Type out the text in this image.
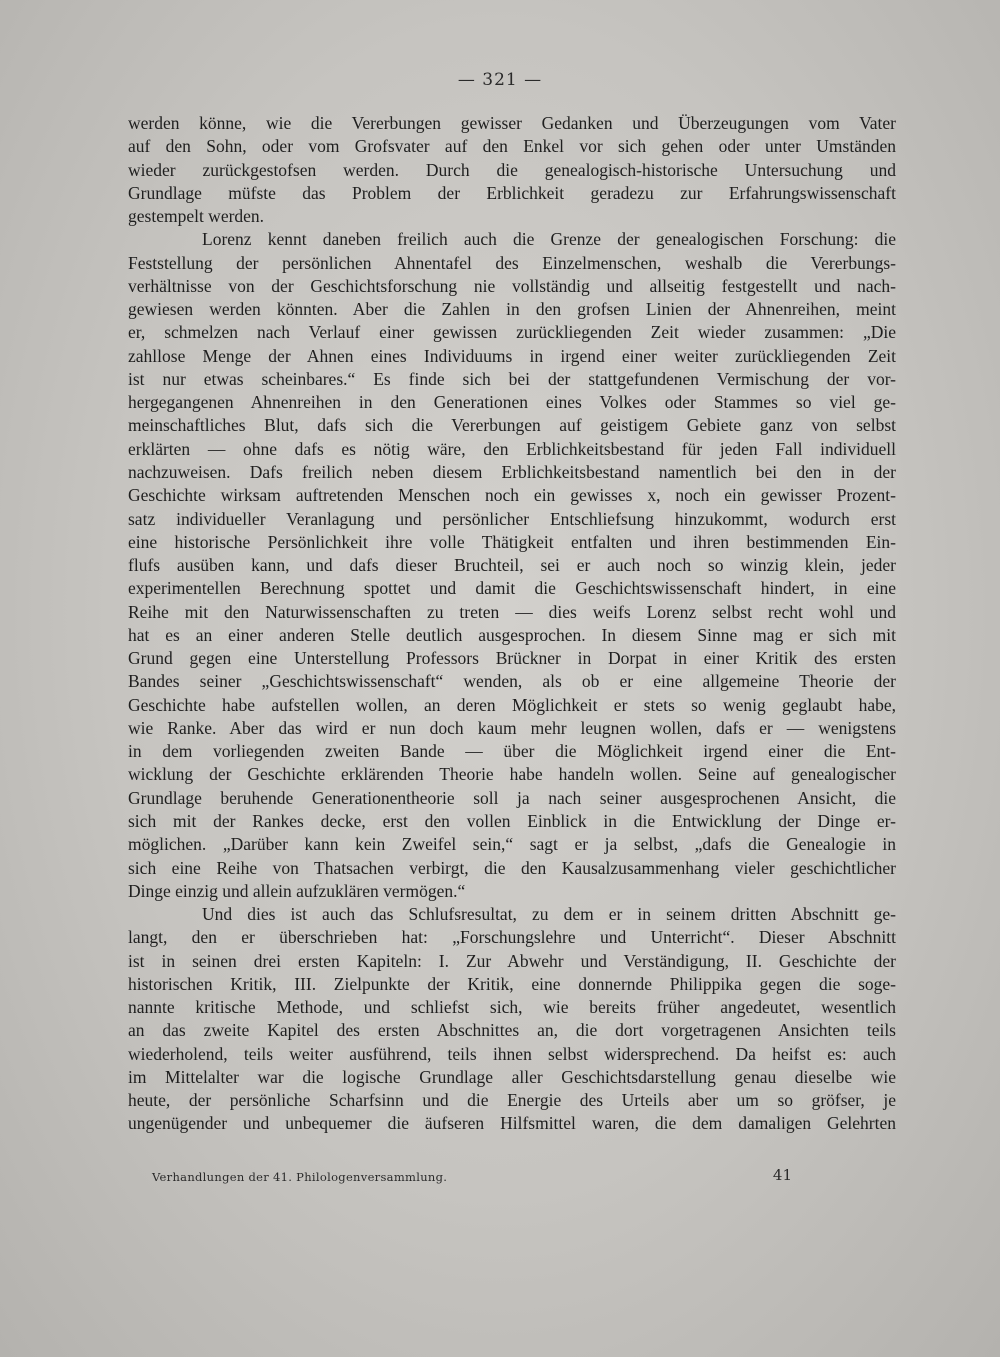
— 321 —
werden könne, wie die Vererbungen gewisser Gedanken und Überzeugungen vom Vater
auf den Sohn, oder vom Grofsvater auf den Enkel vor sich gehen oder unter Umständen
wieder zurückgestofsen werden. Durch die genealogisch-historische Untersuchung und
Grundlage müfste das Problem der Erblichkeit geradezu zur Erfahrungswissenschaft
gestempelt werden.
Lorenz kennt daneben freilich auch die Grenze der genealogischen Forschung: die
Feststellung der persönlichen Ahnentafel des Einzelmenschen, weshalb die Vererbungs-
verhältnisse von der Geschichtsforschung nie vollständig und allseitig festgestellt und nach-
gewiesen werden könnten. Aber die Zahlen in den grofsen Linien der Ahnenreihen, meint
er, schmelzen nach Verlauf einer gewissen zurückliegenden Zeit wieder zusammen: „Die
zahllose Menge der Ahnen eines Individuums in irgend einer weiter zurückliegenden Zeit
ist nur etwas scheinbares.“ Es finde sich bei der stattgefundenen Vermischung der vor-
hergegangenen Ahnenreihen in den Generationen eines Volkes oder Stammes so viel ge-
meinschaftliches Blut, dafs sich die Vererbungen auf geistigem Gebiete ganz von selbst
erklärten — ohne dafs es nötig wäre, den Erblichkeitsbestand für jeden Fall individuell
nachzuweisen. Dafs freilich neben diesem Erblichkeitsbestand namentlich bei den in der
Geschichte wirksam auftretenden Menschen noch ein gewisses x, noch ein gewisser Prozent-
satz individueller Veranlagung und persönlicher Entschliefsung hinzukommt, wodurch erst
eine historische Persönlichkeit ihre volle Thätigkeit entfalten und ihren bestimmenden Ein-
flufs ausüben kann, und dafs dieser Bruchteil, sei er auch noch so winzig klein, jeder
experimentellen Berechnung spottet und damit die Geschichtswissenschaft hindert, in eine
Reihe mit den Naturwissenschaften zu treten — dies weifs Lorenz selbst recht wohl und
hat es an einer anderen Stelle deutlich ausgesprochen. In diesem Sinne mag er sich mit
Grund gegen eine Unterstellung Professors Brückner in Dorpat in einer Kritik des ersten
Bandes seiner „Geschichtswissenschaft“ wenden, als ob er eine allgemeine Theorie der
Geschichte habe aufstellen wollen, an deren Möglichkeit er stets so wenig geglaubt habe,
wie Ranke. Aber das wird er nun doch kaum mehr leugnen wollen, dafs er — wenigstens
in dem vorliegenden zweiten Bande — über die Möglichkeit irgend einer die Ent-
wicklung der Geschichte erklärenden Theorie habe handeln wollen. Seine auf genealogischer
Grundlage beruhende Generationentheorie soll ja nach seiner ausgesprochenen Ansicht, die
sich mit der Rankes decke, erst den vollen Einblick in die Entwicklung der Dinge er-
möglichen. „Darüber kann kein Zweifel sein,“ sagt er ja selbst, „dafs die Genealogie in
sich eine Reihe von Thatsachen verbirgt, die den Kausalzusammenhang vieler geschichtlicher
Dinge einzig und allein aufzuklären vermögen.“
Und dies ist auch das Schlufsresultat, zu dem er in seinem dritten Abschnitt ge-
langt, den er überschrieben hat: „Forschungslehre und Unterricht“. Dieser Abschnitt
ist in seinen drei ersten Kapiteln: I. Zur Abwehr und Verständigung, II. Geschichte der
historischen Kritik, III. Zielpunkte der Kritik, eine donnernde Philippika gegen die soge-
nannte kritische Methode, und schliefst sich, wie bereits früher angedeutet, wesentlich
an das zweite Kapitel des ersten Abschnittes an, die dort vorgetragenen Ansichten teils
wiederholend, teils weiter ausführend, teils ihnen selbst widersprechend. Da heifst es: auch
im Mittelalter war die logische Grundlage aller Geschichtsdarstellung genau dieselbe wie
heute, der persönliche Scharfsinn und die Energie des Urteils aber um so gröfser, je
ungenügender und unbequemer die äufseren Hilfsmittel waren, die dem damaligen Gelehrten
Verhandlungen der 41. Philologenversammlung.	41
